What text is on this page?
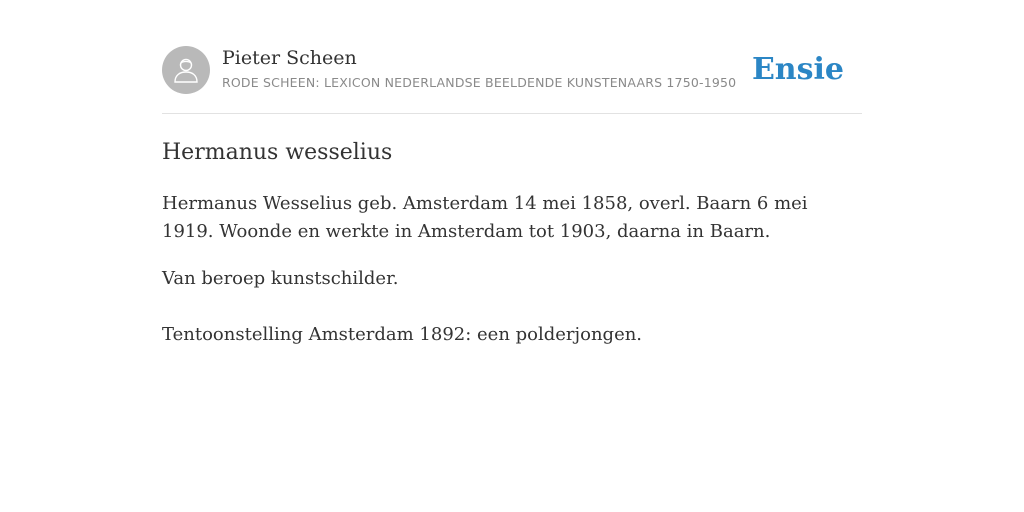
Pieter Scheen
RODE SCHEEN: LEXICON NEDERLANDSE BEELDENDE KUNSTENAARS 1750-1950 Ensie
Hermanus wesselius

Hermanus Wesselius geb. Amsterdam 14 mei 1858, overl. Baarn 6 mei 1919. Woonde en werkte in Amsterdam tot 1903, daarna in Baarn.

Van beroep kunstschilder.

Tentoonstelling Amsterdam 1892: een polderjongen.
